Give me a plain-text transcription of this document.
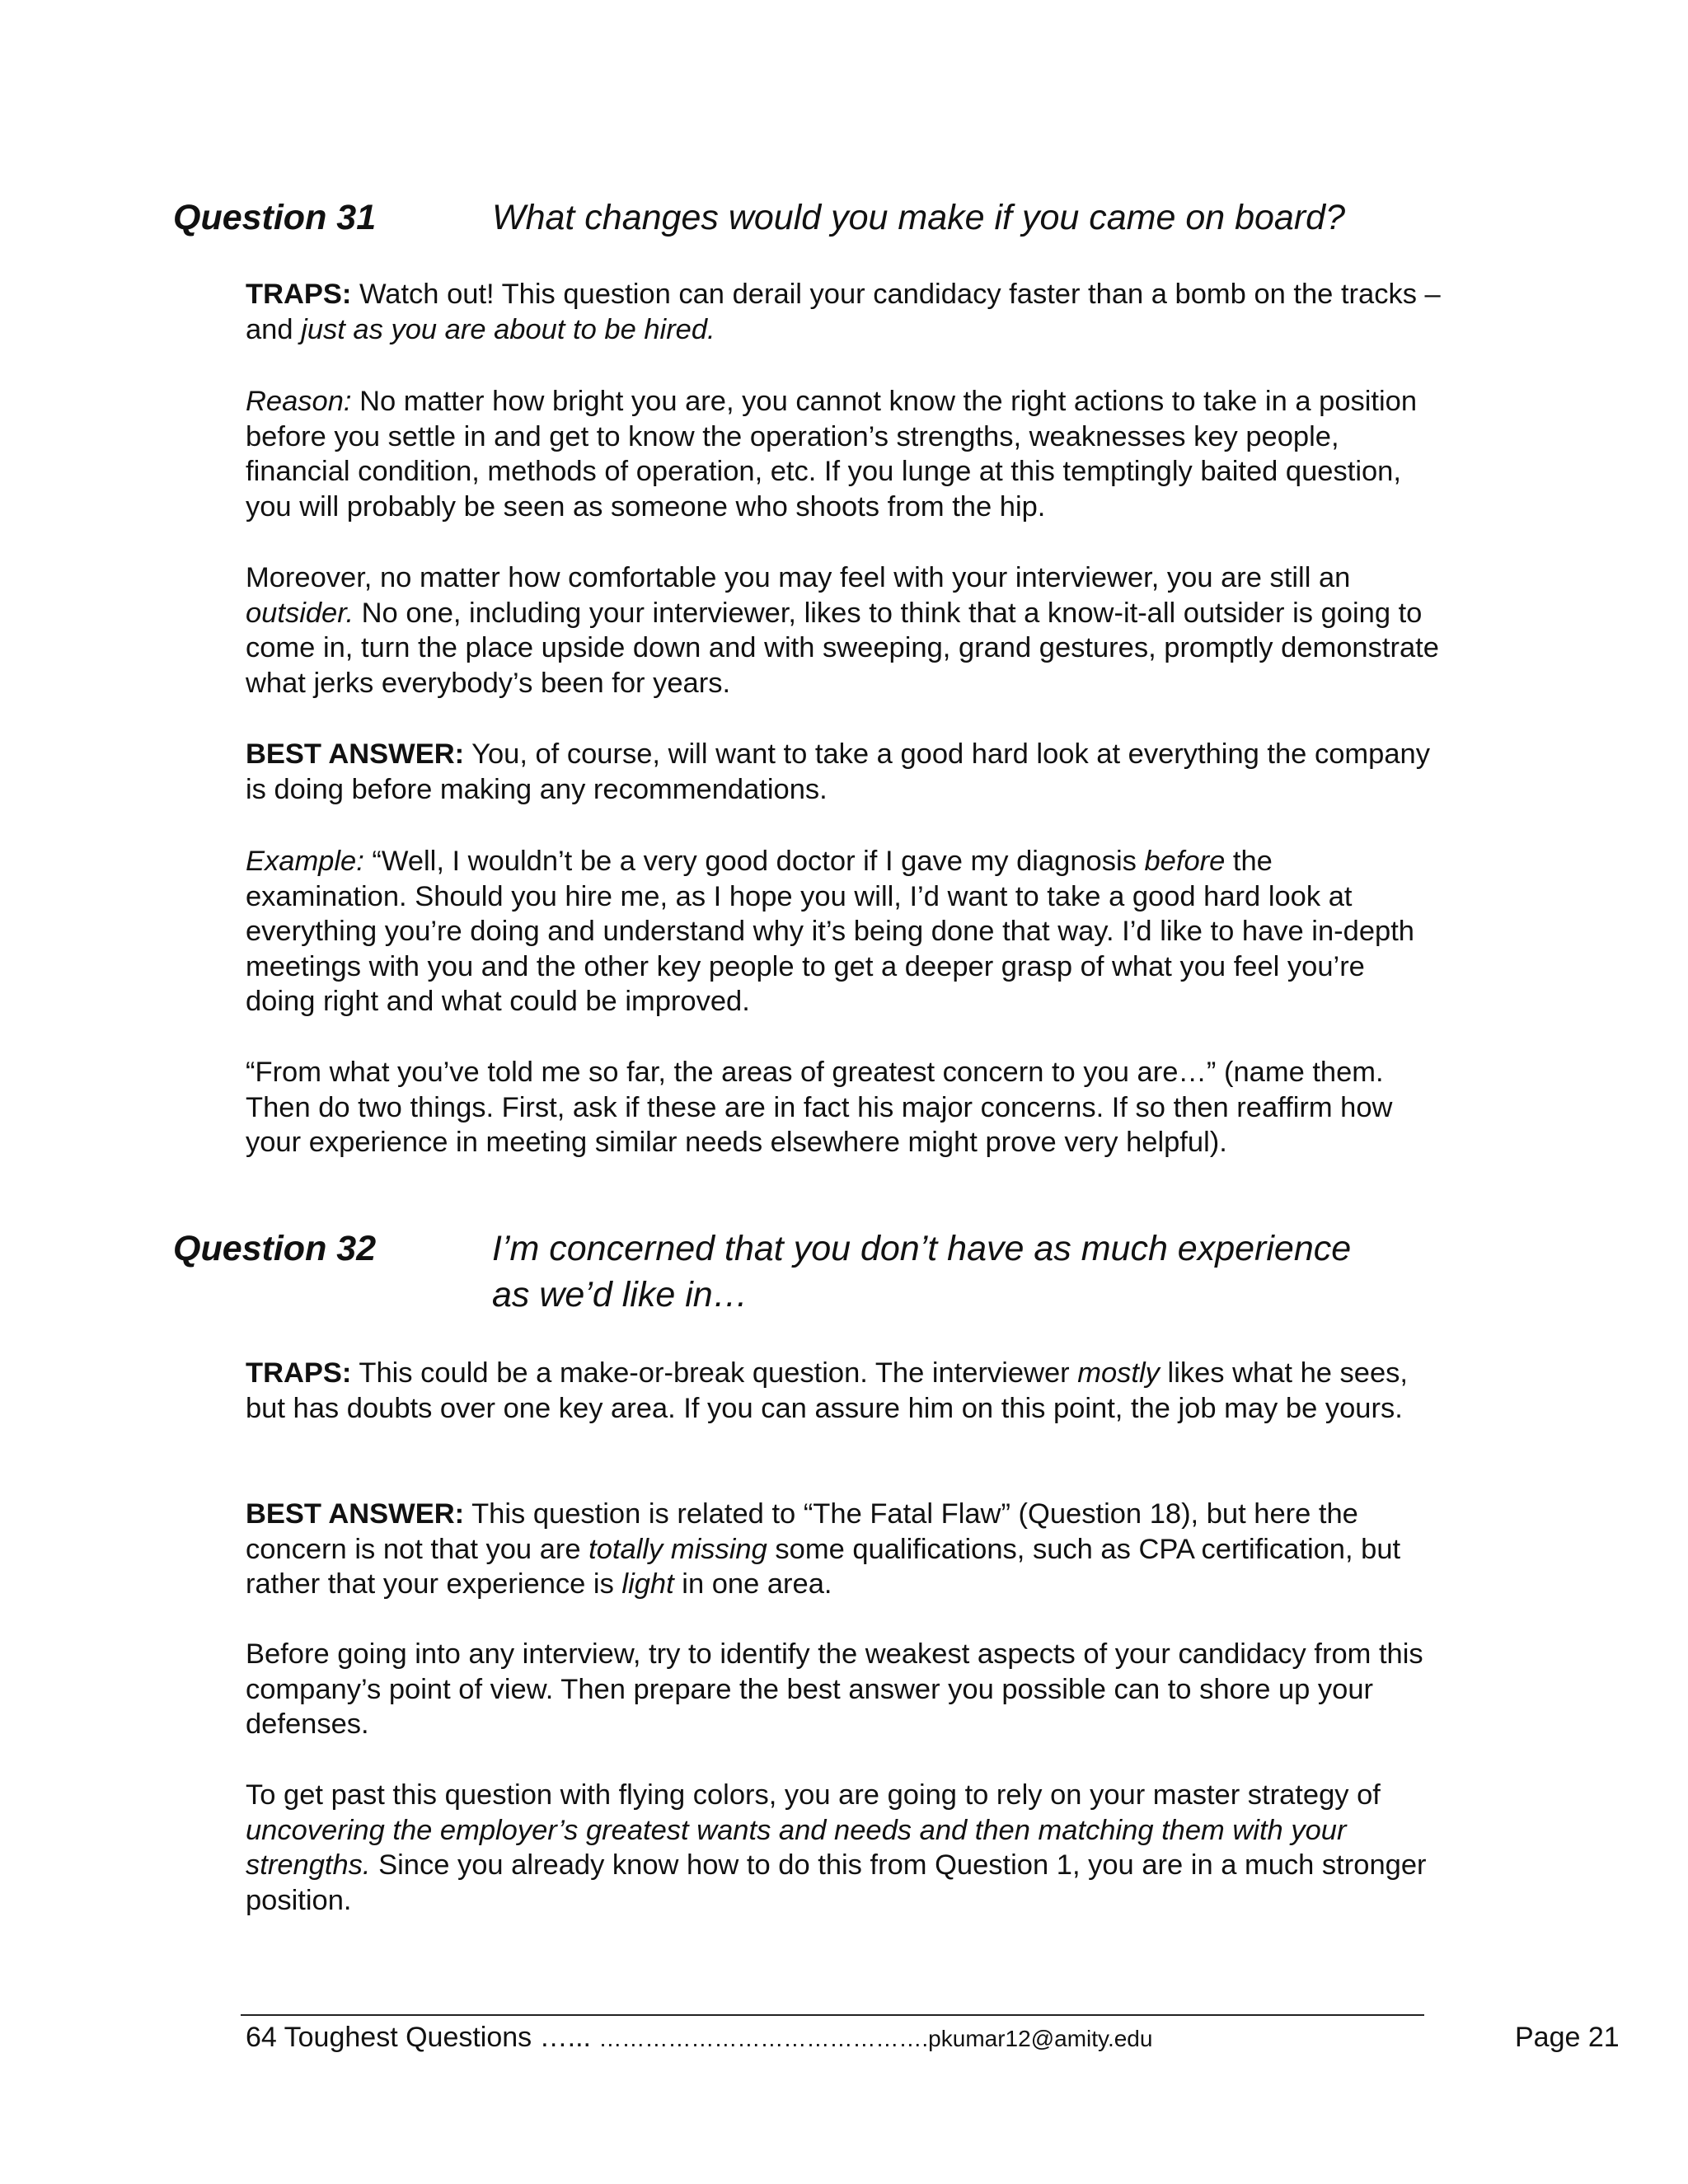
Question 31	What changes would you make if you came on board?

TRAPS: Watch out! This question can derail your candidacy faster than a bomb on the tracks – and just as you are about to be hired.

Reason: No matter how bright you are, you cannot know the right actions to take in a position before you settle in and get to know the operation’s strengths, weaknesses key people, financial condition, methods of operation, etc. If you lunge at this temptingly baited question, you will probably be seen as someone who shoots from the hip.

Moreover, no matter how comfortable you may feel with your interviewer, you are still an outsider. No one, including your interviewer, likes to think that a know-it-all outsider is going to come in, turn the place upside down and with sweeping, grand gestures, promptly demonstrate what jerks everybody’s been for years.

BEST ANSWER: You, of course, will want to take a good hard look at everything the company is doing before making any recommendations.

Example: “Well, I wouldn’t be a very good doctor if I gave my diagnosis before the examination. Should you hire me, as I hope you will, I’d want to take a good hard look at everything you’re doing and understand why it’s being done that way. I’d like to have in-depth meetings with you and the other key people to get a deeper grasp of what you feel you’re doing right and what could be improved.

“From what you’ve told me so far, the areas of greatest concern to you are…” (name them. Then do two things. First, ask if these are in fact his major concerns. If so then reaffirm how your experience in meeting similar needs elsewhere might prove very helpful).

Question 32	I’m concerned that you don’t have as much experience
as we’d like in…

TRAPS: This could be a make-or-break question. The interviewer mostly likes what he sees, but has doubts over one key area. If you can assure him on this point, the job may be yours.

BEST ANSWER: This question is related to “The Fatal Flaw” (Question 18), but here the concern is not that you are totally missing some qualifications, such as CPA certification, but rather that your experience is light in one area.

Before going into any interview, try to identify the weakest aspects of your candidacy from this company’s point of view. Then prepare the best answer you possible can to shore up your defenses.

To get past this question with flying colors, you are going to rely on your master strategy of uncovering the employer’s greatest wants and needs and then matching them with your strengths. Since you already know how to do this from Question 1, you are in a much stronger position.

64 Toughest Questions …... …………………………………….pkumar12@amity.edu	Page 21
